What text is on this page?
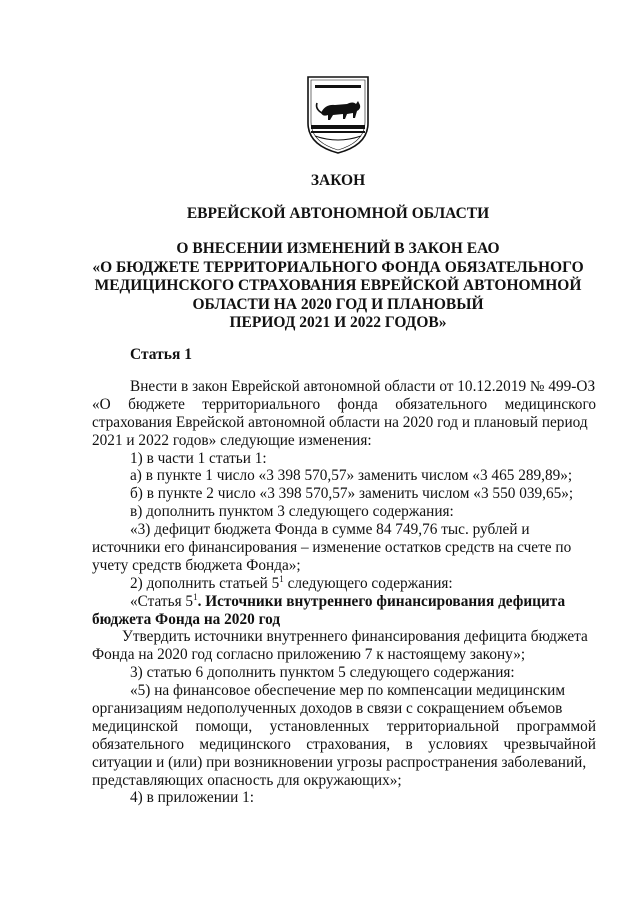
ЗАКОН
ЕВРЕЙСКОЙ АВТОНОМНОЙ ОБЛАСТИ
О ВНЕСЕНИИ ИЗМЕНЕНИЙ В ЗАКОН ЕАО
«О БЮДЖЕТЕ ТЕРРИТОРИАЛЬНОГО ФОНДА ОБЯЗАТЕЛЬНОГО
МЕДИЦИНСКОГО СТРАХОВАНИЯ ЕВРЕЙСКОЙ АВТОНОМНОЙ
ОБЛАСТИ НА 2020 ГОД И ПЛАНОВЫЙ
ПЕРИОД 2021 И 2022 ГОДОВ»
Статья 1
Внести в закон Еврейской автономной области от 10.12.2019 № 499-ОЗ
«О бюджете территориального фонда обязательного медицинского
страхования Еврейской автономной области на 2020 год и плановый период
2021 и 2022 годов» следующие изменения:
1) в части 1 статьи 1:
а) в пункте 1 число «3 398 570,57» заменить числом «3 465 289,89»;
б) в пункте 2 число «3 398 570,57» заменить числом «3 550 039,65»;
в) дополнить пунктом 3 следующего содержания:
«3) дефицит бюджета Фонда в сумме 84 749,76 тыс. рублей и
источники его финансирования – изменение остатков средств на счете по
учету средств бюджета Фонда»;
2) дополнить статьей $5^1$ следующего содержания:
«Статья $5^1$. Источники внутреннего финансирования дефицита
бюджета Фонда на 2020 год
Утвердить источники внутреннего финансирования дефицита бюджета
Фонда на 2020 год согласно приложению 7 к настоящему закону»;
3) статью 6 дополнить пунктом 5 следующего содержания:
«5) на финансовое обеспечение мер по компенсации медицинским
организациям недополученных доходов в связи с сокращением объемов
медицинской помощи, установленных территориальной программой
обязательного медицинского страхования, в условиях чрезвычайной
ситуации и (или) при возникновении угрозы распространения заболеваний,
представляющих опасность для окружающих»;
4) в приложении 1:
